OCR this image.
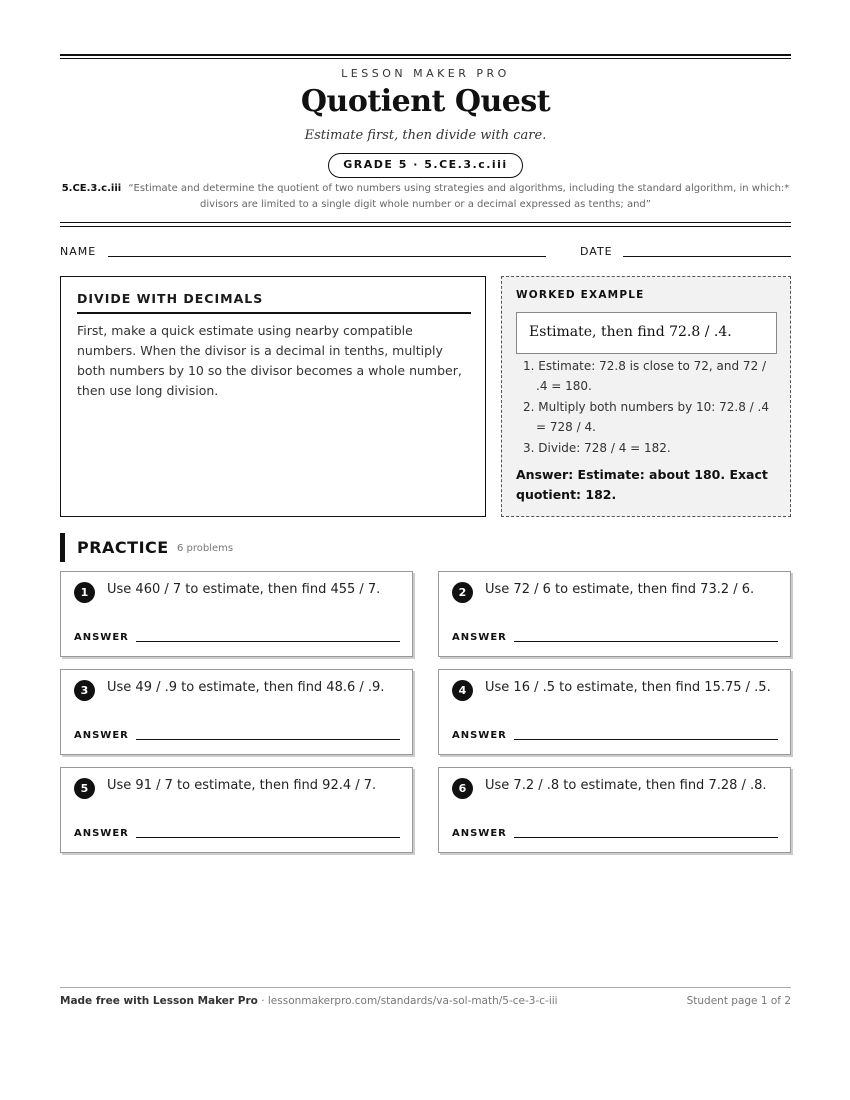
LESSON MAKER PRO
Quotient Quest
Estimate first, then divide with care.
GRADE 5 · 5.CE.3.c.iii
5.CE.3.c.iii “Estimate and determine the quotient of two numbers using strategies and algorithms, including the standard algorithm, in which:* divisors are limited to a single digit whole number or a decimal expressed as tenths; and”
NAME	DATE
DIVIDE WITH DECIMALS
First, make a quick estimate using nearby compatible numbers. When the divisor is a decimal in tenths, multiply both numbers by 10 so the divisor becomes a whole number, then use long division.
WORKED EXAMPLE
Estimate, then find 72.8 / .4.
1. Estimate: 72.8 is close to 72, and 72 / .4 = 180.
2. Multiply both numbers by 10: 72.8 / .4 = 728 / 4.
3. Divide: 728 / 4 = 182.
Answer: Estimate: about 180. Exact quotient: 182.
PRACTICE 6 problems
1	Use 460 / 7 to estimate, then find 455 / 7.
ANSWER
2	Use 72 / 6 to estimate, then find 73.2 / 6.
ANSWER
3	Use 49 / .9 to estimate, then find 48.6 / .9.
ANSWER
4	Use 16 / .5 to estimate, then find 15.75 / .5.
ANSWER
5	Use 91 / 7 to estimate, then find 92.4 / 7.
ANSWER
6	Use 7.2 / .8 to estimate, then find 7.28 / .8.
ANSWER
Made free with Lesson Maker Pro · lessonmakerpro.com/standards/va-sol-math/5-ce-3-c-iii	Student page 1 of 2
